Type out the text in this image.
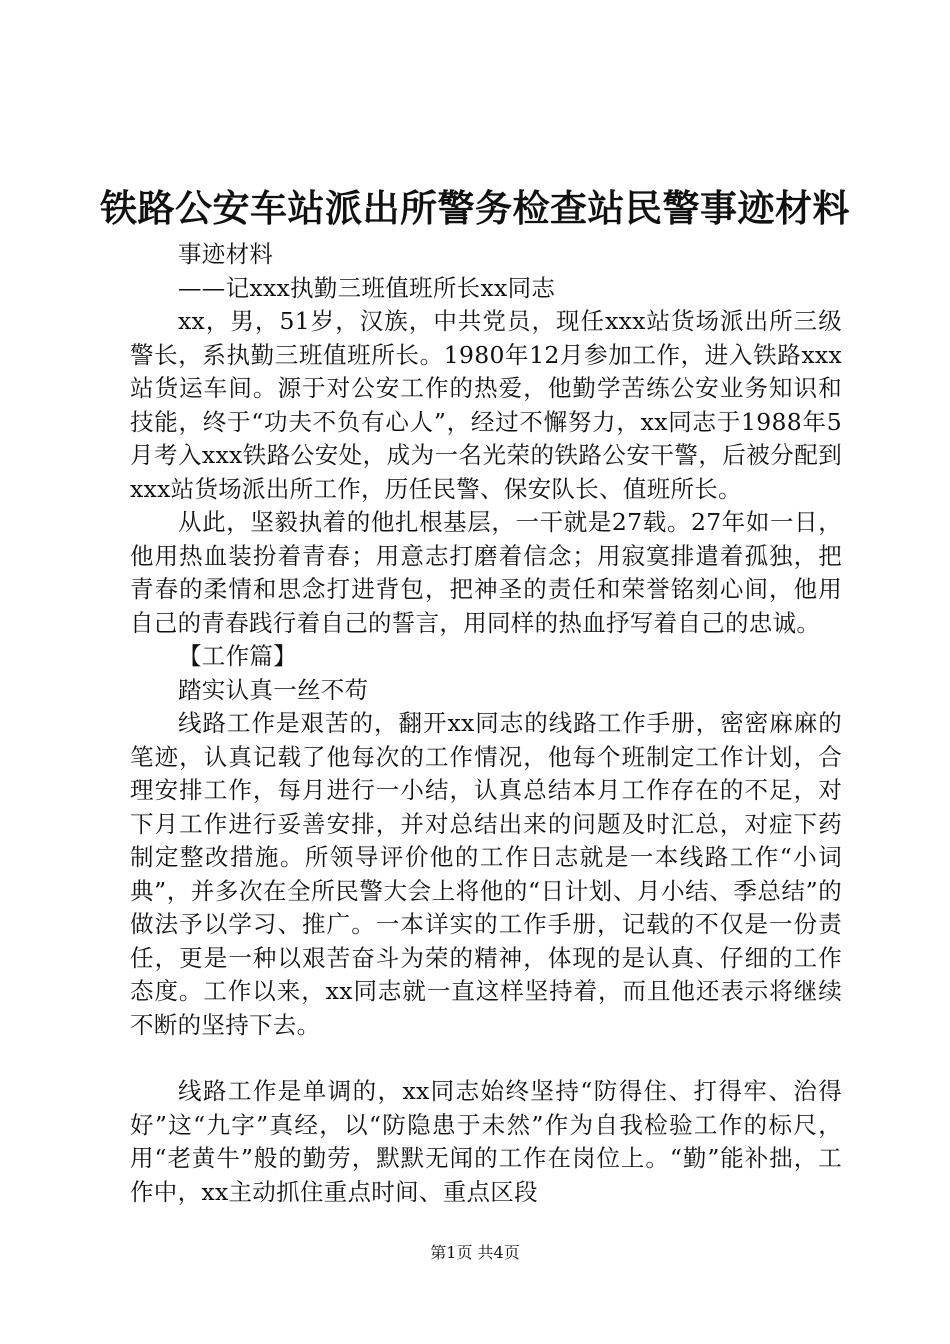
铁路公安车站派出所警务检查站民警事迹材料

事迹材料

——记xxx执勤三班值班所长xx同志

xx，男，51岁，汉族，中共党员，现任xxx站货场派出所三级警长，系执勤三班值班所长。1980年12月参加工作，进入铁路xxx站货运车间。源于对公安工作的热爱，他勤学苦练公安业务知识和技能，终于“功夫不负有心人”，经过不懈努力，xx同志于1988年5月考入xxx铁路公安处，成为一名光荣的铁路公安干警，后被分配到xxx站货场派出所工作，历任民警、保安队长、值班所长。

从此，坚毅执着的他扎根基层，一干就是27载。27年如一日，他用热血装扮着青春；用意志打磨着信念；用寂寞排遣着孤独，把青春的柔情和思念打进背包，把神圣的责任和荣誉铭刻心间，他用自己的青春践行着自己的誓言，用同样的热血抒写着自己的忠诚。

【工作篇】

踏实认真一丝不苟

线路工作是艰苦的，翻开xx同志的线路工作手册，密密麻麻的笔迹，认真记载了他每次的工作情况，他每个班制定工作计划，合理安排工作，每月进行一小结，认真总结本月工作存在的不足，对下月工作进行妥善安排，并对总结出来的问题及时汇总，对症下药制定整改措施。所领导评价他的工作日志就是一本线路工作“小词典”，并多次在全所民警大会上将他的“日计划、月小结、季总结”的做法予以学习、推广。一本详实的工作手册，记载的不仅是一份责任，更是一种以艰苦奋斗为荣的精神，体现的是认真、仔细的工作态度。工作以来，xx同志就一直这样坚持着，而且他还表示将继续不断的坚持下去。

线路工作是单调的，xx同志始终坚持“防得住、打得牢、治得好”这“九字”真经，以“防隐患于未然”作为自我检验工作的标尺，用“老黄牛”般的勤劳，默默无闻的工作在岗位上。“勤”能补拙，工作中，xx主动抓住重点时间、重点区段

第1页 共4页
